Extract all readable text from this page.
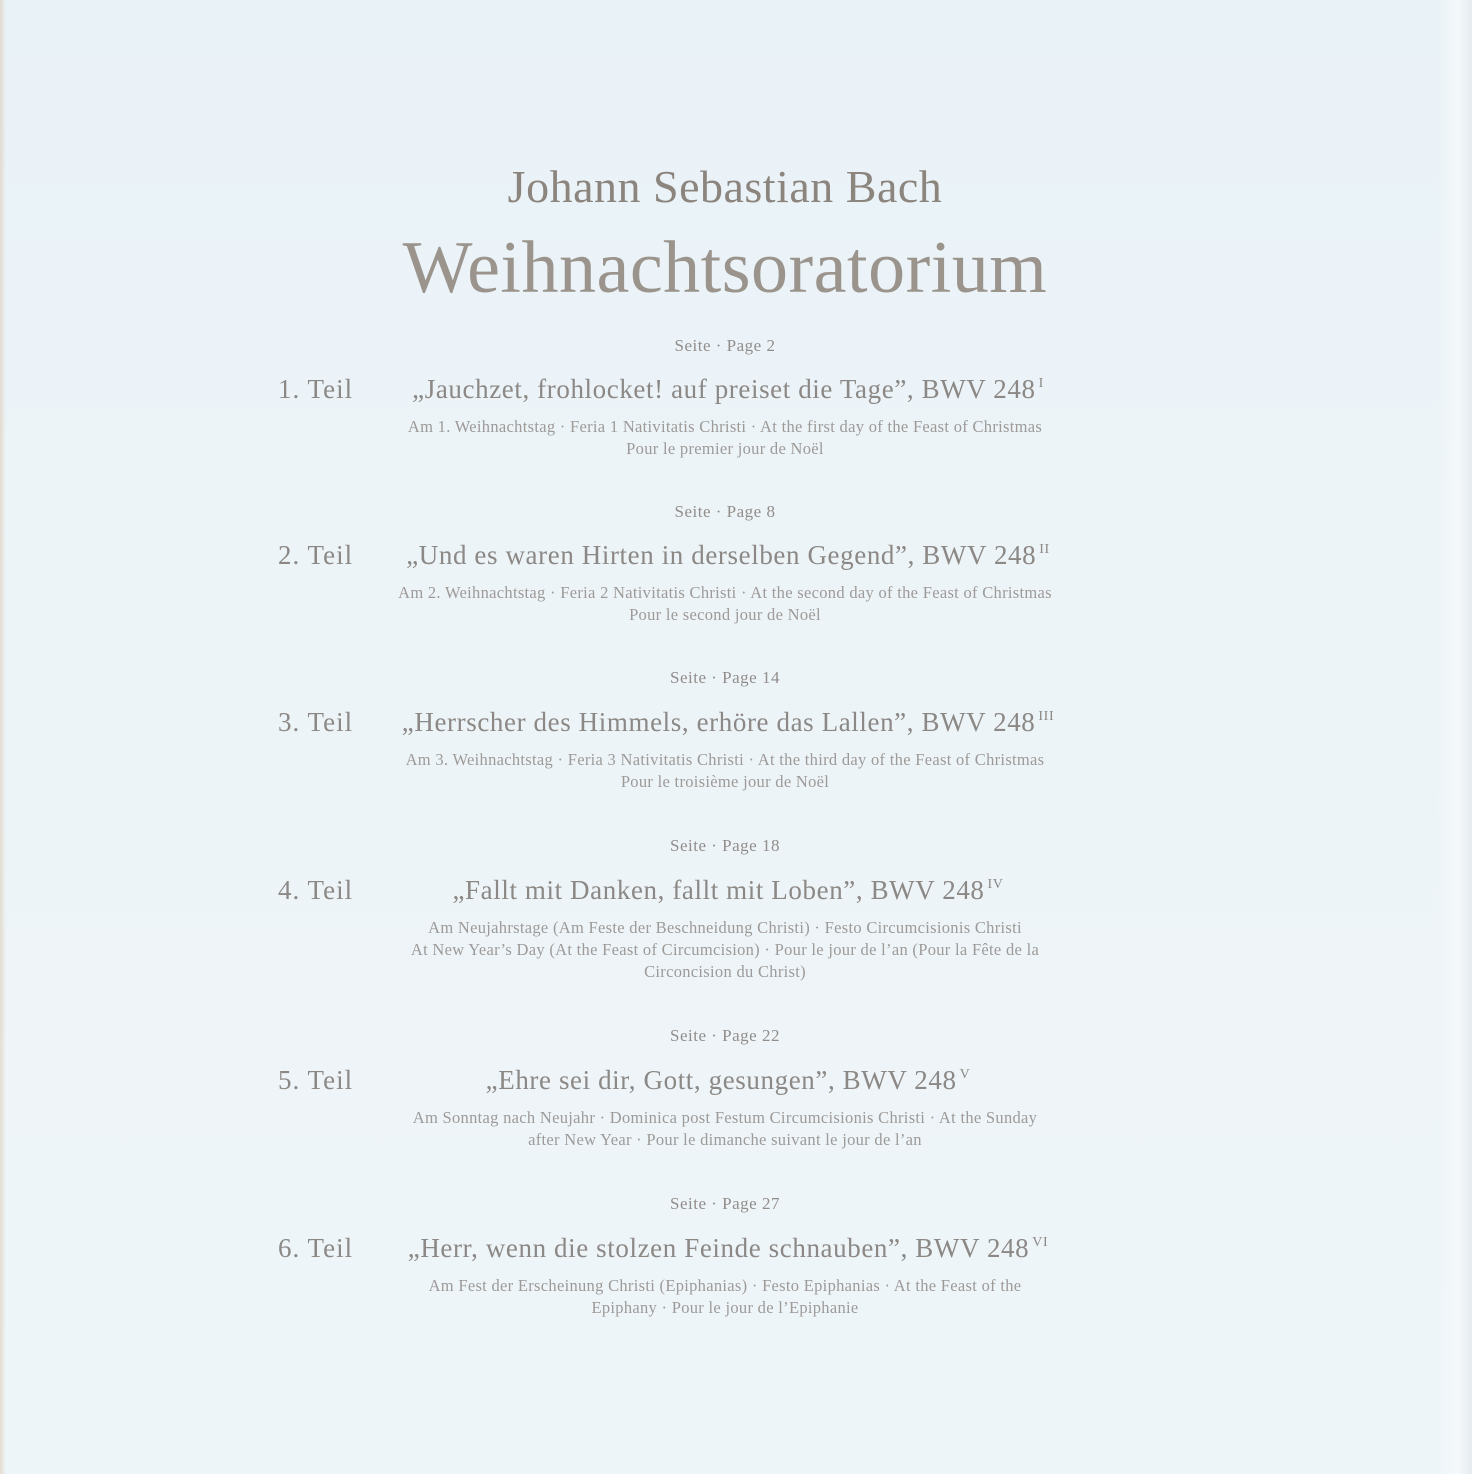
Johann Sebastian Bach
Weihnachtsoratorium
Seite · Page 2
1. Teil	„Jauchzet, frohlocket! auf preiset die Tage”, BWV 248 $^I$
Am 1. Weihnachtstag · Feria 1 Nativitatis Christi · At the first day of the Feast of Christmas
Pour le premier jour de Noël
Seite · Page 8
2. Teil	„Und es waren Hirten in derselben Gegend”, BWV 248 $^{II}$
Am 2. Weihnachtstag · Feria 2 Nativitatis Christi · At the second day of the Feast of Christmas
Pour le second jour de Noël
Seite · Page 14
3. Teil	„Herrscher des Himmels, erhöre das Lallen”, BWV 248 $^{III}$
Am 3. Weihnachtstag · Feria 3 Nativitatis Christi · At the third day of the Feast of Christmas
Pour le troisième jour de Noël
Seite · Page 18
4. Teil	„Fallt mit Danken, fallt mit Loben”, BWV 248 $^{IV}$
Am Neujahrstage (Am Feste der Beschneidung Christi) · Festo Circumcisionis Christi
At New Year’s Day (At the Feast of Circumcision) · Pour le jour de l’an (Pour la Fête de la
Circoncision du Christ)
Seite · Page 22
5. Teil	„Ehre sei dir, Gott, gesungen”, BWV 248 $^V$
Am Sonntag nach Neujahr · Dominica post Festum Circumcisionis Christi · At the Sunday
after New Year · Pour le dimanche suivant le jour de l’an
Seite · Page 27
6. Teil	„Herr, wenn die stolzen Feinde schnauben”, BWV 248 $^{VI}$
Am Fest der Erscheinung Christi (Epiphanias) · Festo Epiphanias · At the Feast of the
Epiphany · Pour le jour de l’Epiphanie
